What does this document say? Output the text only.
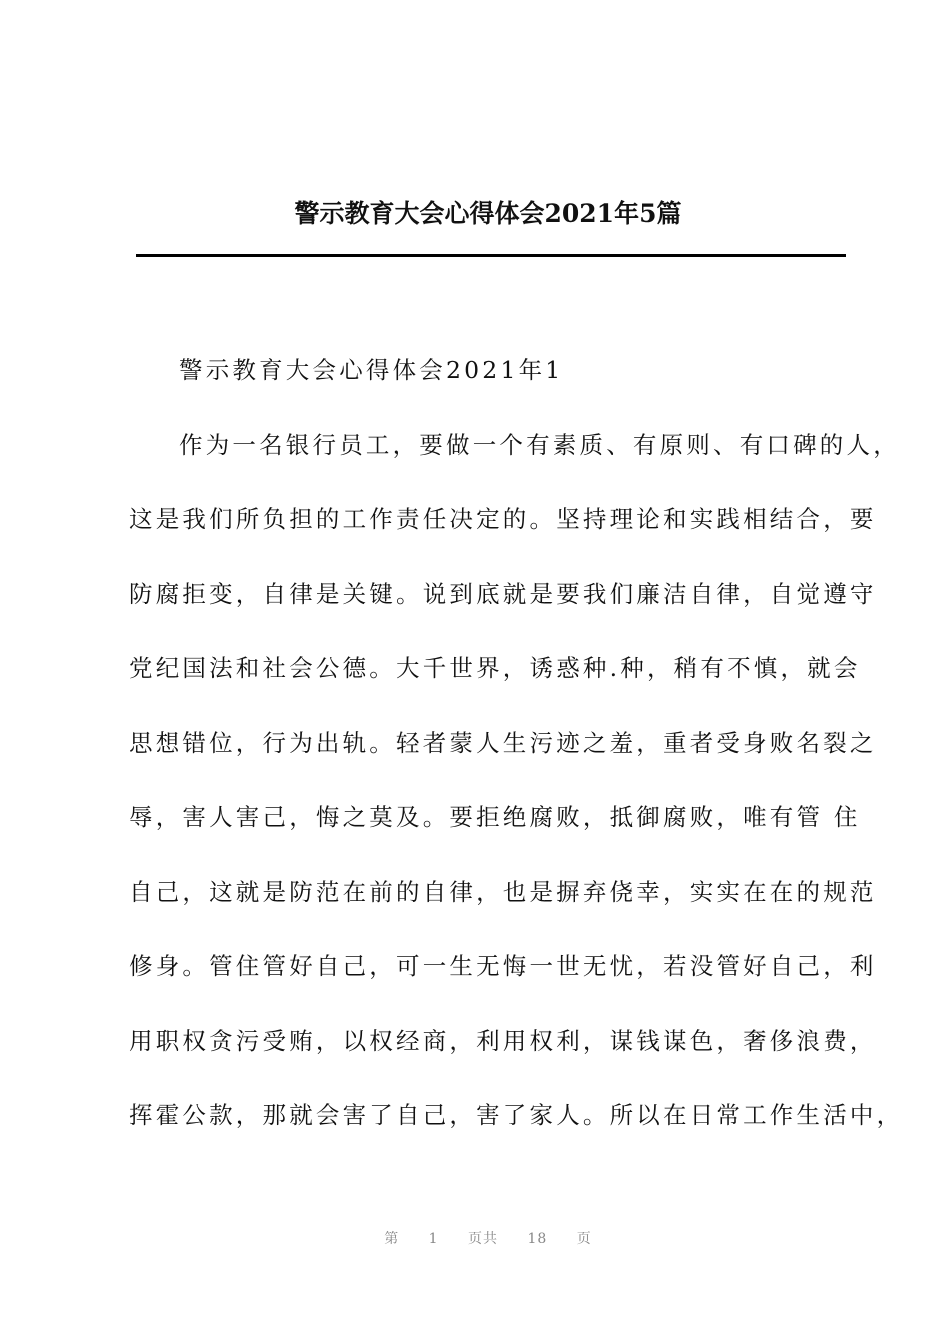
警示教育大会心得体会2021年5篇
警示教育大会心得体会2021年1
作为一名银行员工，要做一个有素质、有原则、有口碑的人，
这是我们所负担的工作责任决定的。坚持理论和实践相结合，要
防腐拒变，自律是关键。说到底就是要我们廉洁自律，自觉遵守
党纪国法和社会公德。大千世界，诱惑种.种，稍有不慎，就会
思想错位，行为出轨。轻者蒙人生污迹之羞，重者受身败名裂之
辱，害人害己，悔之莫及。要拒绝腐败，抵御腐败，唯有管 住
自己，这就是防范在前的自律，也是摒弃侥幸，实实在在的规范
修身。管住管好自己，可一生无悔一世无忧，若没管好自己，利
用职权贪污受贿，以权经商，利用权利，谋钱谋色，奢侈浪费，
挥霍公款，那就会害了自己，害了家人。所以在日常工作生活中，
第 1 页共 18 页
